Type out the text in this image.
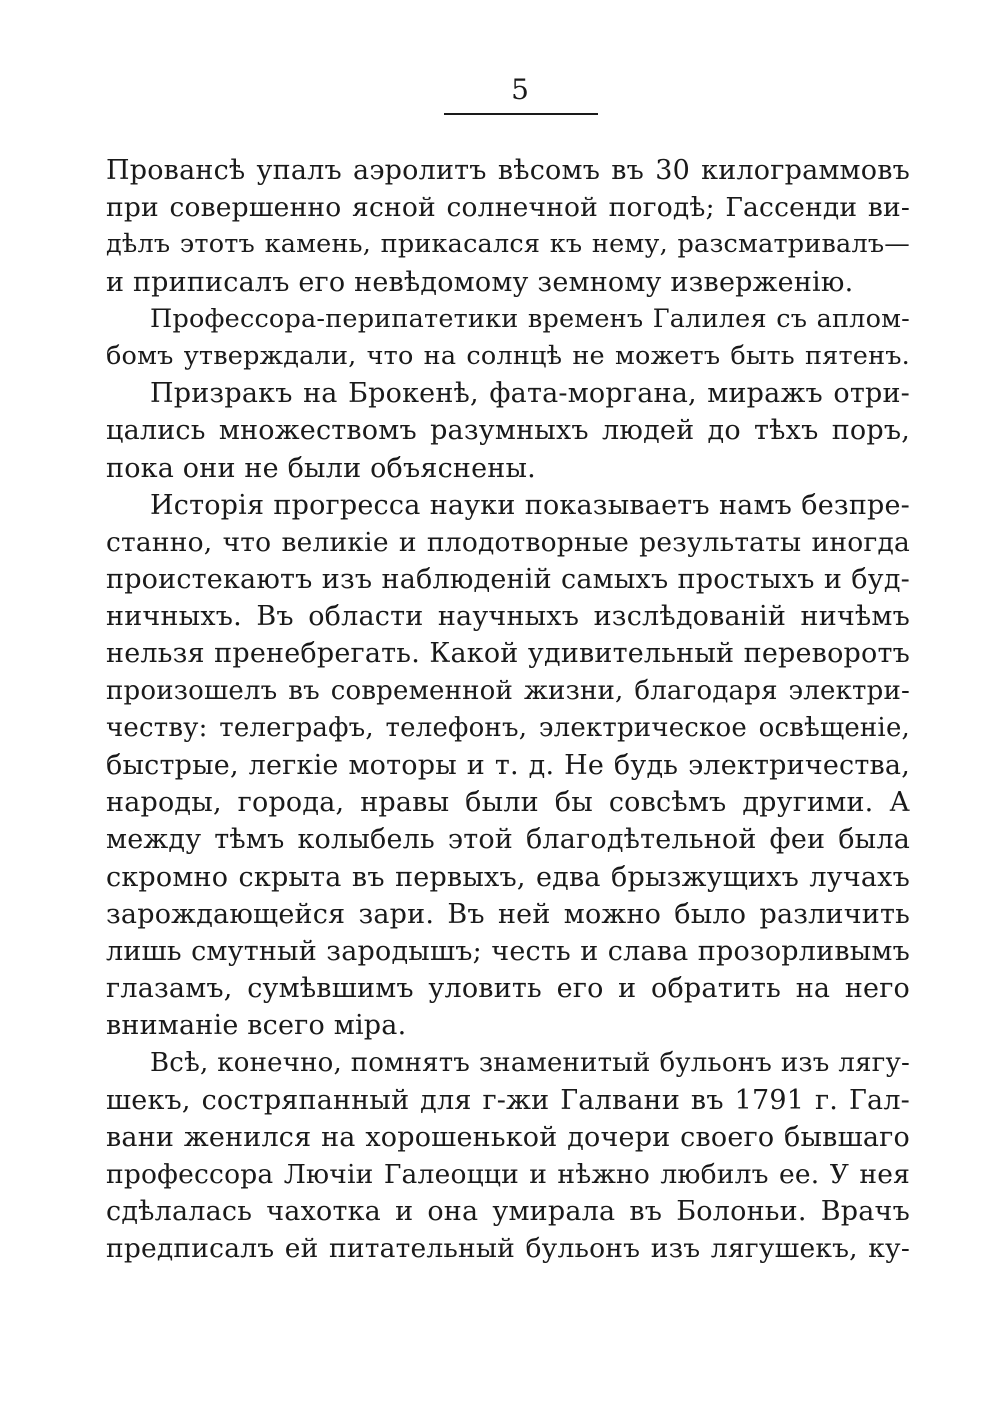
5
Провансѣ упалъ аэролитъ вѣсомъ въ 30 килограммовъ
при совершенно ясной солнечной погодѣ; Гассенди ви-
дѣлъ этотъ камень, прикасался къ нему, разсматривалъ—
и приписалъ его невѣдомому земному изверженію.
Профессора-перипатетики временъ Галилея съ аплом-
бомъ утверждали, что на солнцѣ не можетъ быть пятенъ.
Призракъ на Брокенѣ, фата-моргана, миражъ отри-
цались множествомъ разумныхъ людей до тѣхъ поръ,
пока они не были объяснены.
Исторія прогресса науки показываетъ намъ безпре-
станно, что великіе и плодотворные результаты иногда
проистекаютъ изъ наблюденій самыхъ простыхъ и буд-
ничныхъ. Въ области научныхъ изслѣдованій ничѣмъ
нельзя пренебрегать. Какой удивительный переворотъ
произошелъ въ современной жизни, благодаря электри-
честву: телеграфъ, телефонъ, электрическое освѣщеніе,
быстрые, легкіе моторы и т. д. Не будь электричества,
народы, города, нравы были бы совсѣмъ другими. А
между тѣмъ колыбель этой благодѣтельной феи была
скромно скрыта въ первыхъ, едва брызжущихъ лучахъ
зарождающейся зари. Въ ней можно было различить
лишь смутный зародышъ; честь и слава прозорливымъ
глазамъ, сумѣвшимъ уловить его и обратить на него
вниманіе всего міра.
Всѣ, конечно, помнятъ знаменитый бульонъ изъ лягу-
шекъ, состряпанный для г-жи Галвани въ 1791 г. Гал-
вани женился на хорошенькой дочери своего бывшаго
профессора Лючіи Галеоцци и нѣжно любилъ ее. У нея
сдѣлалась чахотка и она умирала въ Болоньи. Врачъ
предписалъ ей питательный бульонъ изъ лягушекъ, ку-
